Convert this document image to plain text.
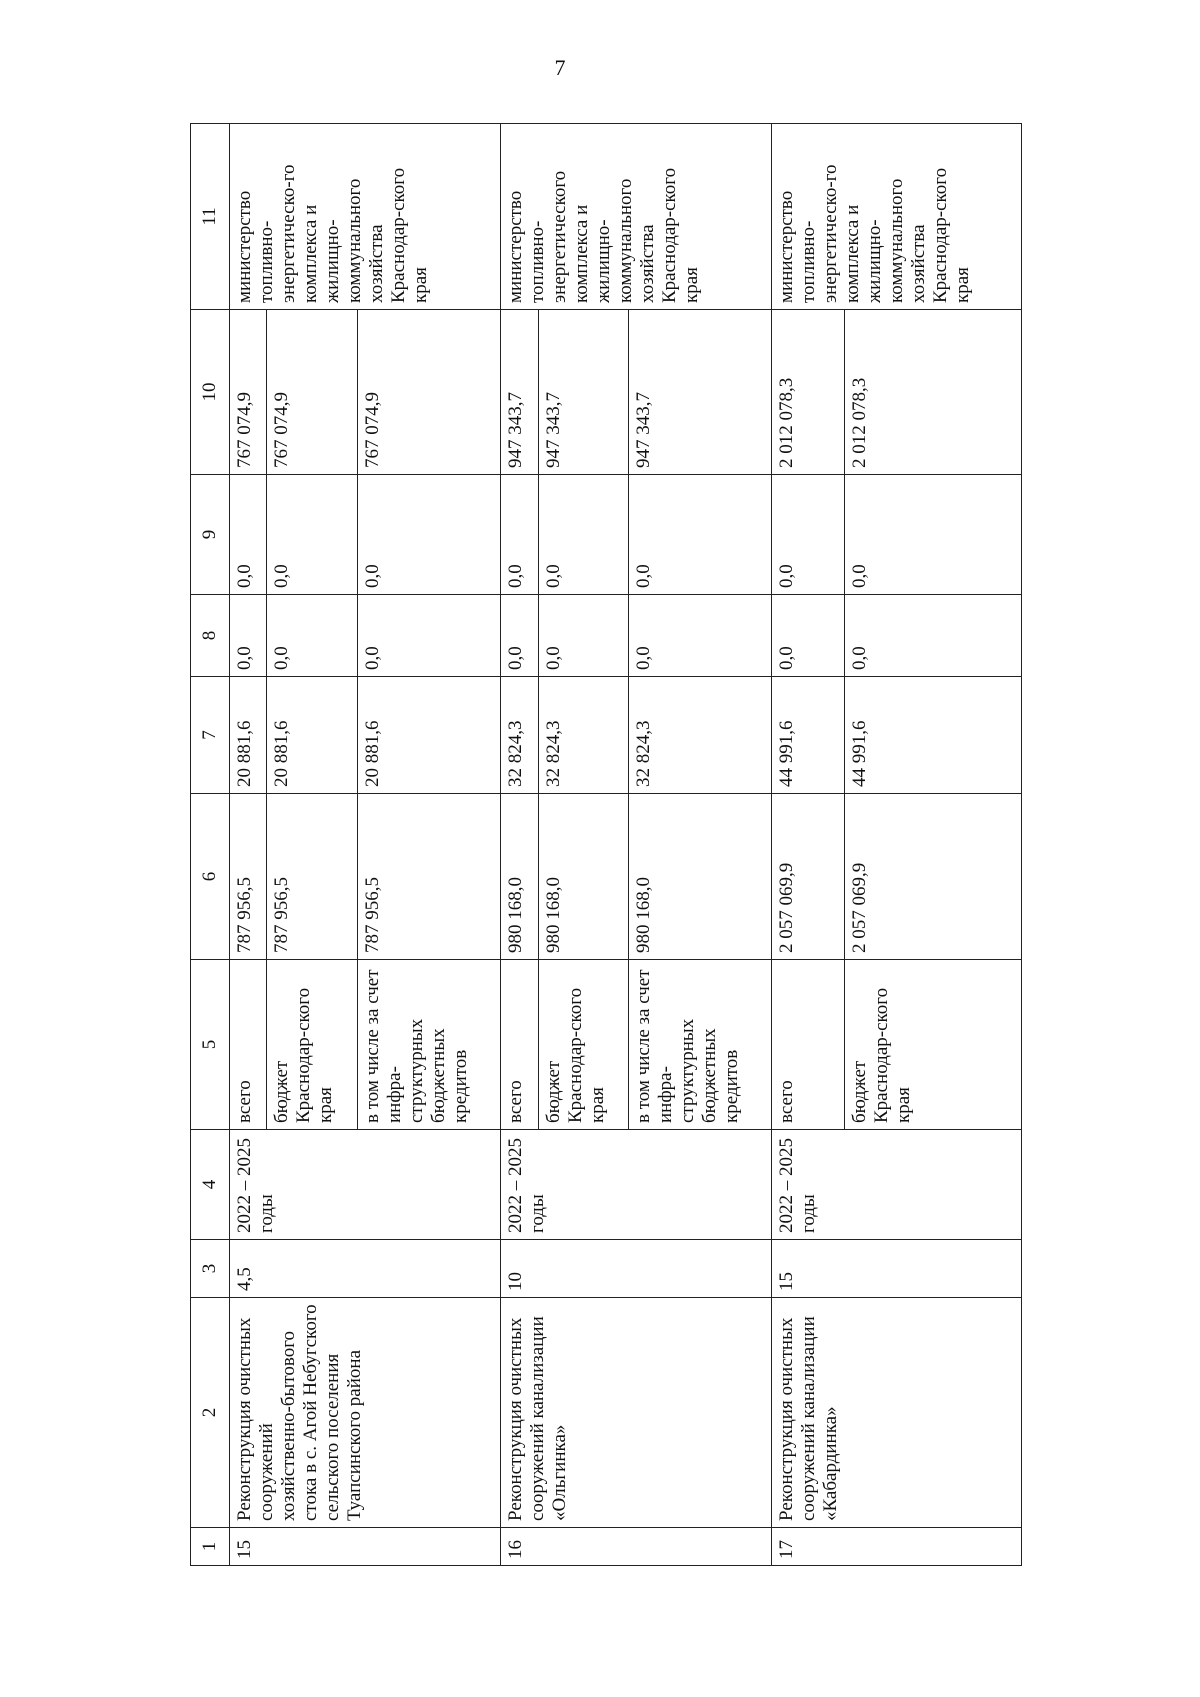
7
1	2	3	4	5	6	7	8	9	10	11
15	Реконструкция очистных сооружений хозяйственно-бытового стока в с. Агой Небугского сельского поселения Туапсинского района	4,5	2022 – 2025 годы	всего	787 956,5	20 881,6	0,0	0,0	767 074,9	министерство топливно-энергетическо-го комплекса и жилищно-коммунального хозяйства Краснодар-ского края
				бюджет Краснодар-ского края	787 956,5	20 881,6	0,0	0,0	767 074,9	
				в том числе за счет инфра-структурных бюджетных кредитов	787 956,5	20 881,6	0,0	0,0	767 074,9	
16	Реконструкция очистных сооружений канализации «Ольгинка»	10	2022 – 2025 годы	всего	980 168,0	32 824,3	0,0	0,0	947 343,7	министерство топливно-энергетического комплекса и жилищно-коммунального хозяйства Краснодар-ского края
				бюджет Краснодар-ского края	980 168,0	32 824,3	0,0	0,0	947 343,7	
				в том числе за счет инфра-структурных бюджетных кредитов	980 168,0	32 824,3	0,0	0,0	947 343,7	
17	Реконструкция очистных сооружений канализации «Кабардинка»	15	2022 – 2025 годы	всего	2 057 069,9	44 991,6	0,0	0,0	2 012 078,3	министерство топливно-энергетическо-го комплекса и жилищно-коммунального хозяйства Краснодар-ского края
				бюджет Краснодар-ского края	2 057 069,9	44 991,6	0,0	0,0	2 012 078,3	
